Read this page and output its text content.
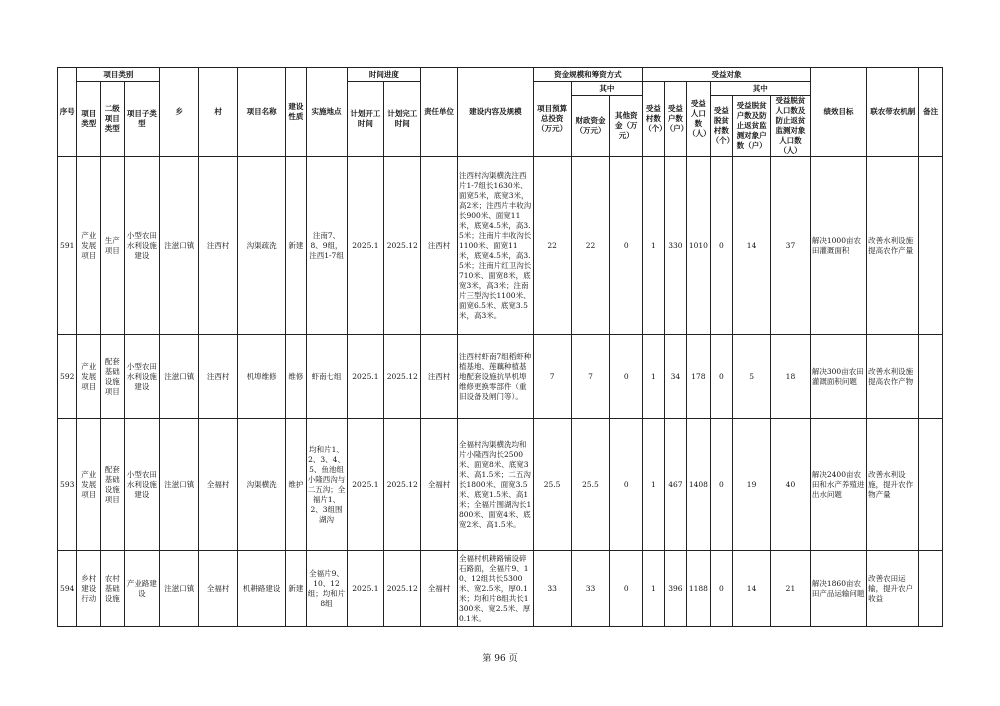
序号	项目类别			乡	村	项目名称	建设性质	实施地点	时间进度		责任单位	建设内容及规模	资金规模和筹资方式			受益对象						绩效目标	联农带农机制	备注
	项目类型	二级项目类型	项目子类型						计划开工时间	计划完工时间			项目预算总投资（万元）	其中		受益村数（个）	受益户数（户）	受益人口数（人）	其中					
														财政资金（万元）	其他资金（万元）				受益脱贫村数（个）	受益脱贫户数及防止返贫监测对象户数（户）	受益脱贫人口数及防止返贫监测对象人口数（人）			
591	产业发展项目	生产项目	小型农田水利设施建设	注滋口镇	注西村	沟渠疏洗	新建	注南7、8、9组，注西1-7组	2025.1	2025.12	注西村	注西村沟渠横洗注西片1-7组长1630米、面宽5米，底宽3米，高2米；注西片丰收沟长900米、面宽11米，底宽4.5米，高3.5米；注南片丰收沟长1100米、面宽11米，底宽4.5米，高3.5米；注南片红卫沟长710米、面宽8米，底宽3米，高3米；注南片三型沟长1100米、面宽6.5米、底宽3.5米，高3米。	22	22	0	1	330	1010	0	14	37	解决1000亩农田灌溉面积	改善水利设施提高农作产量	
592	产业发展项目	配套基础设施项目	小型农田水利设施建设	注滋口镇	注西村	机埠维修	维修	虾南七组	2025.1	2025.12	注西村	注西村虾南7组稻虾种植基地、莲藕种植基地配套设施抗旱机埠维修更换零部件（重旧设备及闸门等）。	7	7	0	1	34	178	0	5	18	解决300亩农田灌溉面积问题	改善水利设施提高农作产物	
593	产业发展项目	配套基础设施项目	小型农田水利设施建设	注滋口镇	全福村	沟渠横洗	维护	均和片1、2、3、4、5、鱼池组小隆西沟与二五沟；全福片1、2、3组围湖沟	2025.1	2025.12	全福村	全福村沟渠横洗均和片小隆西沟长2500米、面宽8米、底宽3米、高1.5米；二五沟长1800米、面宽3.5米、底宽1.5米、高1米；全福片围湖沟长1800米、面宽4米、底宽2米、高1.5米。	25.5	25.5	0	1	467	1408	0	19	40	解决2400亩农田和水产养殖进出水问题	改善水利设施，提升农作物产量	
594	乡村建设行动	农村基础设施	产业路建设	注滋口镇	全福村	机耕路建设	新建	全福片9、10、12组；均和片8组	2025.1	2025.12	全福村	全福村机耕路铺设碎石路面，全福片9、10、12组共长5300米、宽2.5米，厚0.1米；均和片8组共长1300米、宽2.5米、厚0.1米。	33	33	0	1	396	1188	0	14	21	解决1860亩农田产品运输问题	改善农田运输，提升农户收益	
第 96 页
